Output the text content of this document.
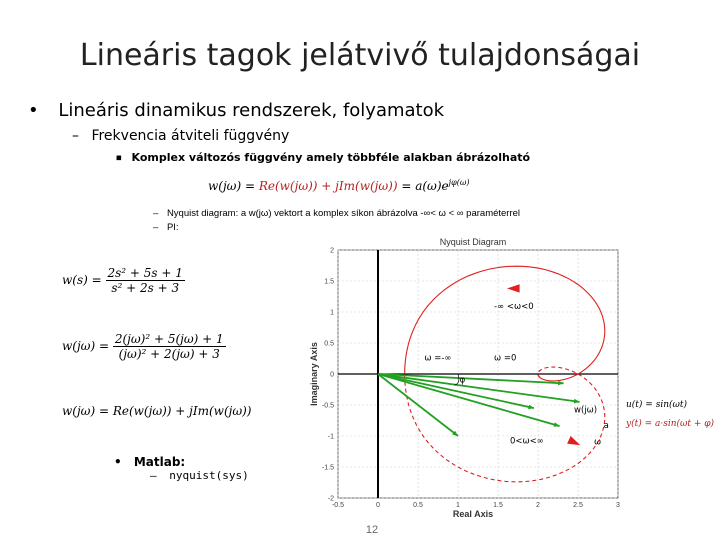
Lineáris tagok jelátvivő tulajdonságai
• Lineáris dinamikus rendszerek, folyamatok
– Frekvencia átviteli függvény
■ Komplex változós függvény amely többféle alakban ábrázolható
$w(j\omega) = Re(w(j\omega)) + jIm(w(j\omega)) = a(\omega)e^{j\varphi(\omega)}$
– Nyquist diagram: a w(jω) vektort a komplex síkon ábrázolva -∞< ω < ∞ paraméterrel
– PI:
$w(s) = \frac{\text{2s² + 5s + 1}}{\text{s² + 2s + 3}}$
$w(j\omega) = \frac{\text{2(jω)² + 5(jω) + 1}}{\text{(jω)² + 2(jω) + 3}}$
w(jω) = Re(w(jω)) + jIm(w(jω))
• Matlab:
– nyquist(sys)
u(t) = sin(ωt)
y(t) = a·sin(ωt + φ)
-0.5	0	0.5	1	1.5	2	2.5	3
2
1.5
1
0.5
0
-0.5
-1
-1.5
-2
-∞ <ω<0
ω =-∞	ω =0
φ
w(jω)
a
0<ω<∞	ω
Nyquist Diagram
Real Axis
Imaginary Axis
12
